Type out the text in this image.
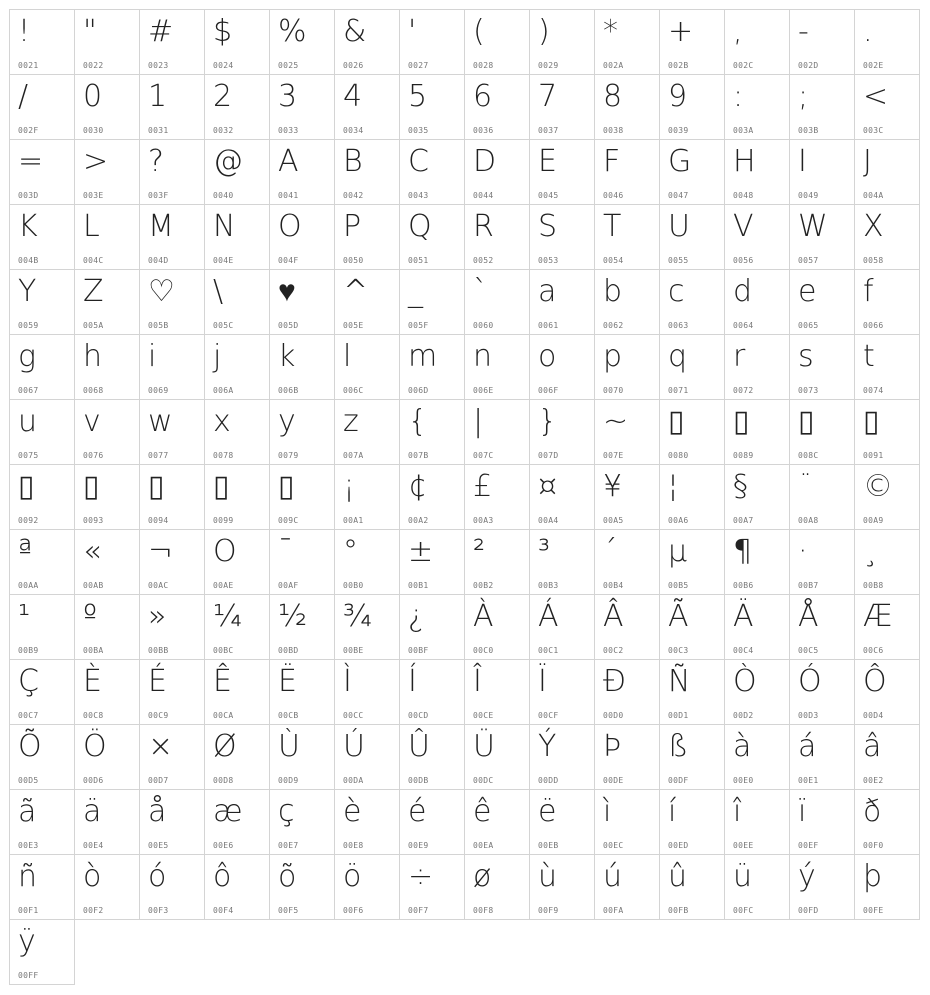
!
0021
"
0022
#
0023
$
0024
%
0025
&
0026
'
0027
(
0028
)
0029
*
002A
+
002B
,
002C
-
002D
.
002E
/
002F
0
0030
1
0031
2
0032
3
0033
4
0034
5
0035
6
0036
7
0037
8
0038
9
0039
:
003A
;
003B
<
003C
=
003D
>
003E
?
003F
@
0040
A
0041
B
0042
C
0043
D
0044
E
0045
F
0046
G
0047
H
0048
I
0049
J
004A
K
004B
L
004C
M
004D
N
004E
O
004F
P
0050
Q
0051
R
0052
S
0053
T
0054
U
0055
V
0056
W
0057
X
0058
Y
0059
Z
005A
♡
005B
\
005C
♥
005D
^
005E
_
005F
`
0060
a
0061
b
0062
c
0063
d
0064
e
0065
f
0066
g
0067
h
0068
i
0069
j
006A
k
006B
l
006C
m
006D
n
006E
o
006F
p
0070
q
0071
r
0072
s
0073
t
0074
u
0075
v
0076
w
0077
x
0078
y
0079
z
007A
{
007B
|
007C
}
007D
~
007E
▯
0080
▯
0089
▯
008C
▯
0091
▯
0092
▯
0093
▯
0094
▯
0099
▯
009C
¡
00A1
¢
00A2
£
00A3
¤
00A4
¥
00A5
¦
00A6
§
00A7
¨
00A8
©
00A9
ª
00AA
«
00AB
¬
00AC
O
00AE
¯
00AF
°
00B0
±
00B1
²
00B2
³
00B3
´
00B4
µ
00B5
¶
00B6
·
00B7
¸
00B8
¹
00B9
º
00BA
»
00BB
¼
00BC
½
00BD
¾
00BE
¿
00BF
À
00C0
Á
00C1
Â
00C2
Ã
00C3
Ä
00C4
Å
00C5
Æ
00C6
Ç
00C7
È
00C8
É
00C9
Ê
00CA
Ë
00CB
Ì
00CC
Í
00CD
Î
00CE
Ï
00CF
Ð
00D0
Ñ
00D1
Ò
00D2
Ó
00D3
Ô
00D4
Õ
00D5
Ö
00D6
×
00D7
Ø
00D8
Ù
00D9
Ú
00DA
Û
00DB
Ü
00DC
Ý
00DD
Þ
00DE
ß
00DF
à
00E0
á
00E1
â
00E2
ã
00E3
ä
00E4
å
00E5
æ
00E6
ç
00E7
è
00E8
é
00E9
ê
00EA
ë
00EB
ì
00EC
í
00ED
î
00EE
ï
00EF
ð
00F0
ñ
00F1
ò
00F2
ó
00F3
ô
00F4
õ
00F5
ö
00F6
÷
00F7
ø
00F8
ù
00F9
ú
00FA
û
00FB
ü
00FC
ý
00FD
þ
00FE
ÿ
00FF
